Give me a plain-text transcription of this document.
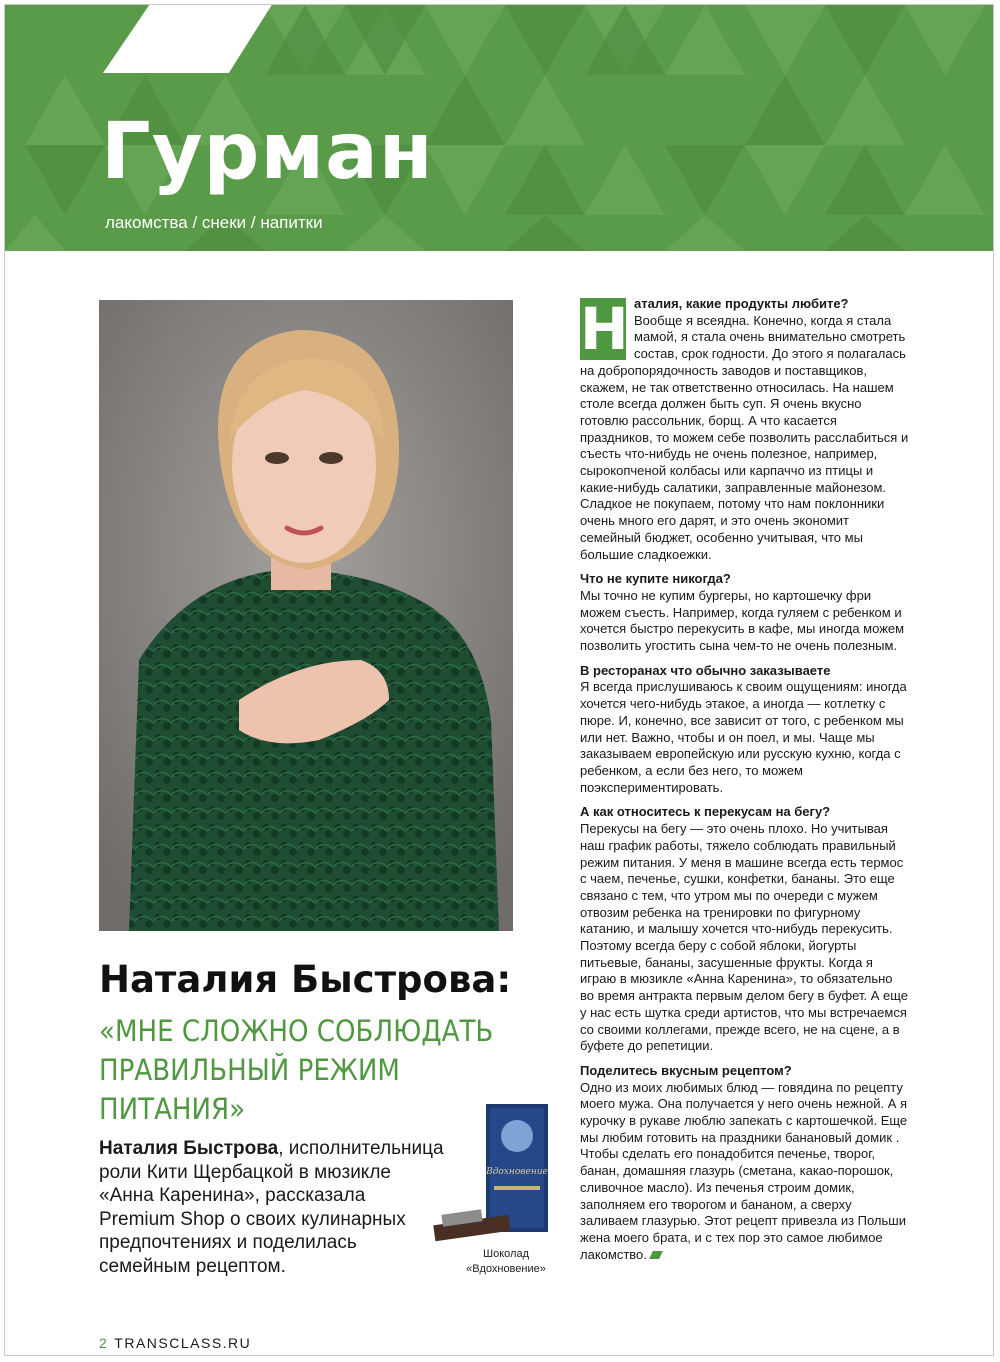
Гурман
лакомства / снеки / напитки
Наталия Быстрова:
«МНЕ СЛОЖНО СОБЛЮДАТЬ ПРАВИЛЬНЫЙ РЕЖИМ ПИТАНИЯ»
Наталия Быстрова, исполнительница роли Кити Щербацкой в мюзикле «Анна Каренина», рассказала Premium Shop о своих кулинарных предпочтениях и поделилась семейным рецептом.
Вдохновение
Шоколад
«Вдохновение»

Н аталия, какие продукты любите?
Вообще я всеядна. Конечно, когда я стала мамой, я стала очень внимательно смотреть состав, срок годности. До этого я полагалась на добропорядочность заводов и поставщиков, скажем, не так ответственно относилась. На нашем столе всегда должен быть суп. Я очень вкусно готовлю рассольник, борщ. А что касается праздников, то можем себе позволить расслабиться и съесть что-нибудь не очень полезное, например, сырокопченой колбасы или карпаччо из птицы и какие-нибудь салатики, заправленные майонезом. Сладкое не покупаем, потому что нам поклонники очень много его дарят, и это очень экономит семейный бюджет, особенно учитывая, что мы большие сладкоежки.

Что не купите никогда?
Мы точно не купим бургеры, но картошечку фри можем съесть. Например, когда гуляем с ребенком и хочется быстро перекусить в кафе, мы иногда можем позволить угостить сына чем-то не очень полезным.

В ресторанах что обычно заказываете
Я всегда прислушиваюсь к своим ощущениям: иногда хочется чего-нибудь этакое, а иногда — котлетку с пюре. И, конечно, все зависит от того, с ребенком мы или нет. Важно, чтобы и он поел, и мы. Чаще мы заказываем европейскую или русскую кухню, когда с ребенком, а если без него, то можем поэкспериментировать.

А как относитесь к перекусам на бегу?
Перекусы на бегу — это очень плохо. Но учитывая наш график работы, тяжело соблюдать правильный режим питания. У меня в машине всегда есть термос с чаем, печенье, сушки, конфетки, бананы. Это еще связано с тем, что утром мы по очереди с мужем отвозим ребенка на тренировки по фигурному катанию, и малышу хочется что-нибудь перекусить. Поэтому всегда беру с собой яблоки, йогурты питьевые, бананы, засушенные фрукты. Когда я играю в мюзикле «Анна Каренина», то обязательно во время антракта первым делом бегу в буфет. А еще у нас есть шутка среди артистов, что мы встречаемся со своими коллегами, прежде всего, не на сцене, а в буфете до репетиции.

Поделитесь вкусным рецептом?
Одно из моих любимых блюд — говядина по рецепту моего мужа. Она получается у него очень нежной. А я курочку в рукаве люблю запекать с картошечкой. Еще мы любим готовить на праздники банановый домик . Чтобы сделать его понадобится печенье, творог, банан, домашняя глазурь (сметана, какао-порошок, сливочное масло). Из печенья строим домик, заполняем его творогом и бананом, а сверху заливаем глазурью. Этот рецепт привезла из Польши жена моего брата, и с тех пор это самое любимое лакомство.

2 TRANSCLASS.RU
